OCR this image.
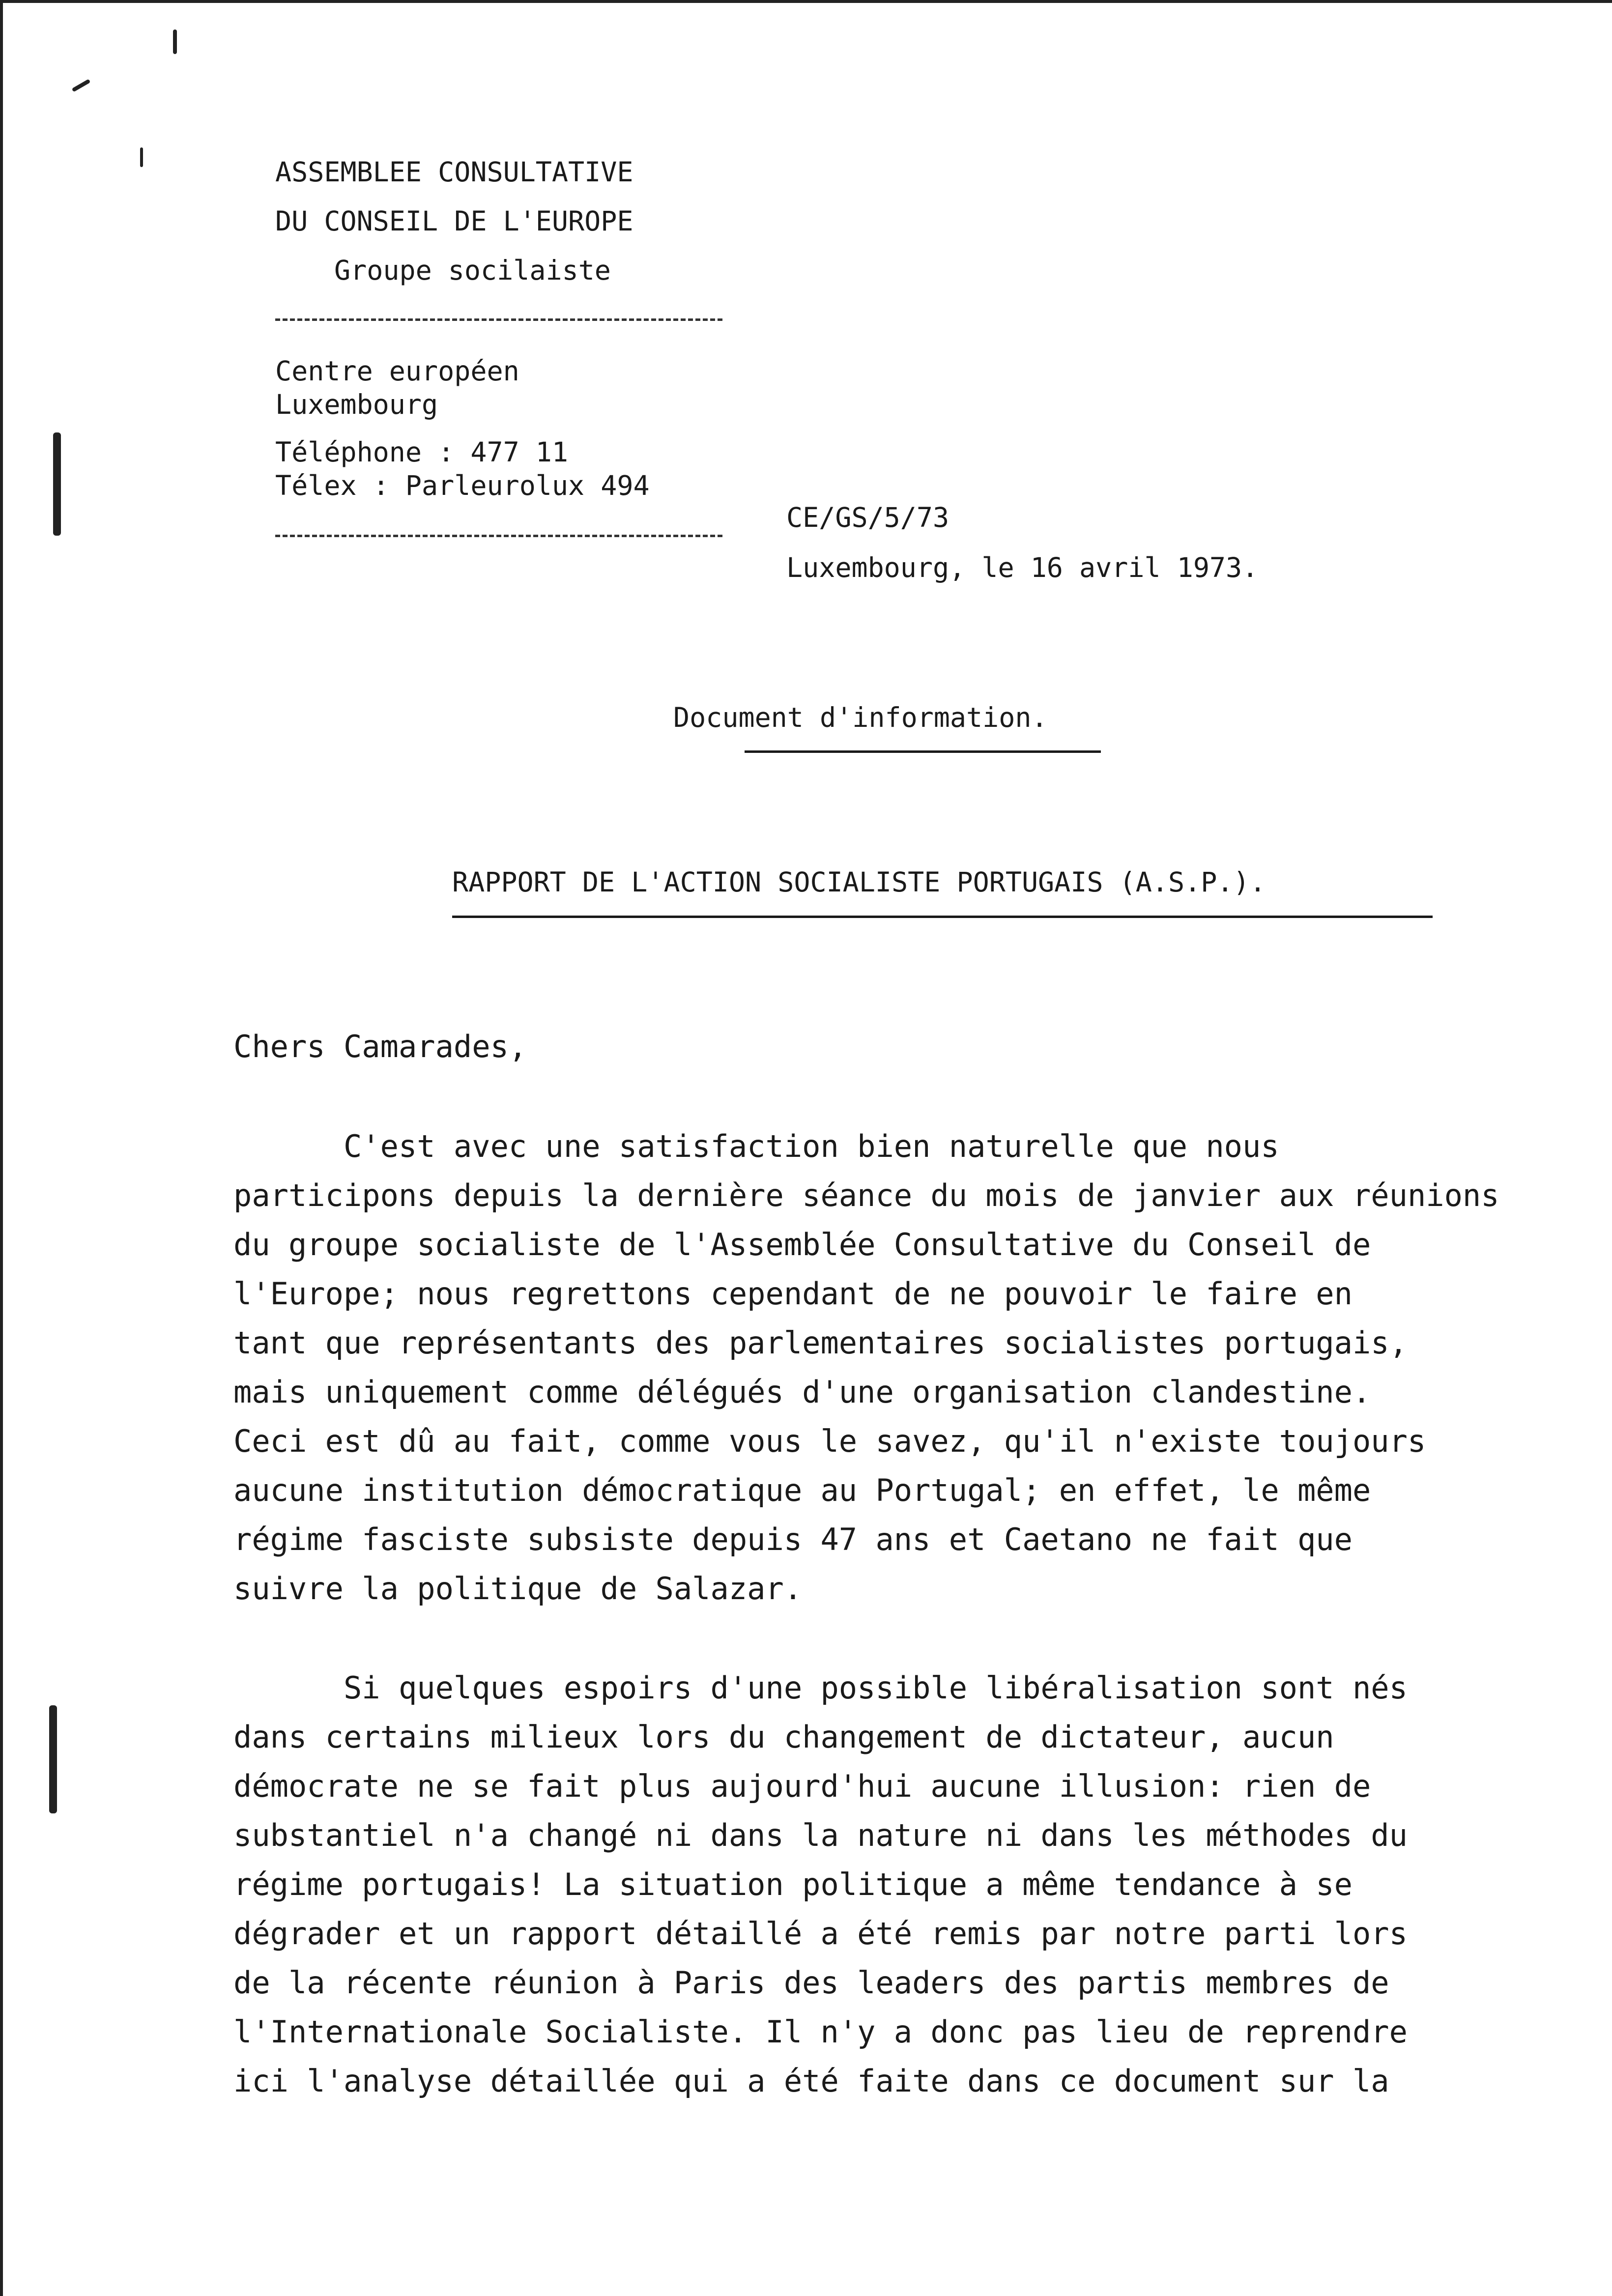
ASSEMBLEE CONSULTATIVE
DU CONSEIL DE L'EUROPE
Groupe socilaiste
Centre européen
Luxembourg
Téléphone : 477 11
Télex : Parleurolux 494
CE/GS/5/73
Luxembourg, le 16 avril 1973.
Document d'information.
RAPPORT DE L'ACTION SOCIALISTE PORTUGAIS (A.S.P.).
Chers Camarades,
C'est avec une satisfaction bien naturelle que nous
participons depuis la dernière séance du mois de janvier aux réunions
du groupe socialiste de l'Assemblée Consultative du Conseil de
l'Europe; nous regrettons cependant de ne pouvoir le faire en
tant que représentants des parlementaires socialistes portugais,
mais uniquement comme délégués d'une organisation clandestine.
Ceci est dû au fait, comme vous le savez, qu'il n'existe toujours
aucune institution démocratique au Portugal; en effet, le même
régime fasciste subsiste depuis 47 ans et Caetano ne fait que
suivre la politique de Salazar.
Si quelques espoirs d'une possible libéralisation sont nés
dans certains milieux lors du changement de dictateur, aucun
démocrate ne se fait plus aujourd'hui aucune illusion: rien de
substantiel n'a changé ni dans la nature ni dans les méthodes du
régime portugais! La situation politique a même tendance à se
dégrader et un rapport détaillé a été remis par notre parti lors
de la récente réunion à Paris des leaders des partis membres de
l'Internationale Socialiste. Il n'y a donc pas lieu de reprendre
ici l'analyse détaillée qui a été faite dans ce document sur la
